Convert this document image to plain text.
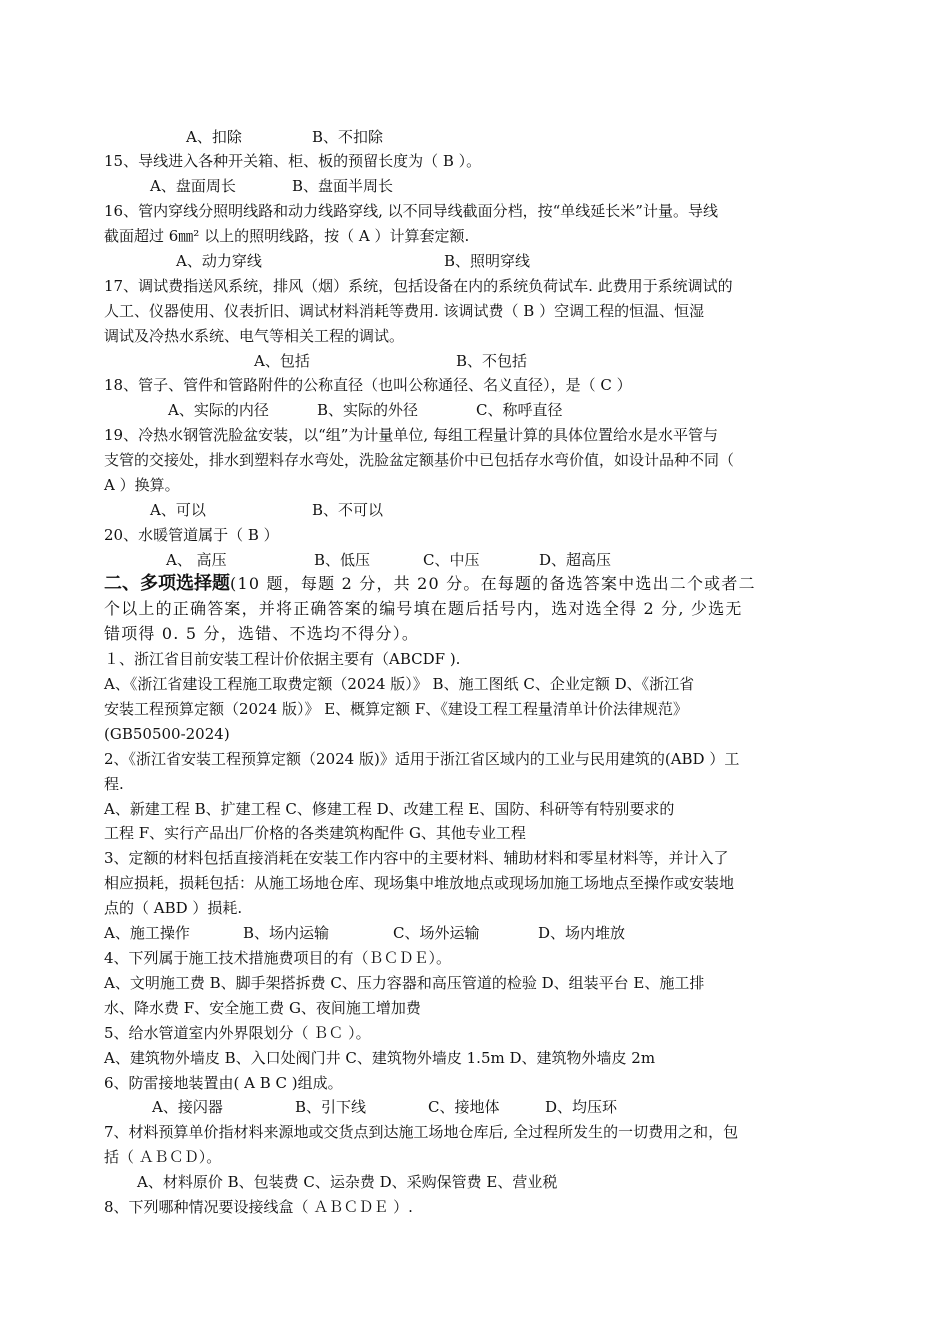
A、扣除	B、不扣除
15、导线进入各种开关箱、柜、板的预留长度为（ B ）。
A、盘面周长	B、盘面半周长
16、管内穿线分照明线路和动力线路穿线, 以不同导线截面分档，按“单线延长米”计量。导线
截面超过 6㎜² 以上的照明线路，按（ A ）计算套定额.
A、动力穿线	B、照明穿线
17、调试费指送风系统，排风（烟）系统，包括设备在内的系统负荷试车. 此费用于系统调试的
人工、仪器使用、仪表折旧、调试材料消耗等费用. 该调试费（ B ）空调工程的恒温、恒湿
调试及冷热水系统、电气等相关工程的调试。
A、包括	B、不包括
18、管子、管件和管路附件的公称直径（也叫公称通径、名义直径），是（ C ）
A、实际的内径	B、实际的外径	C、称呼直径
19、冷热水钢管洗脸盆安装，以“组”为计量单位, 每组工程量计算的具体位置给水是水平管与
支管的交接处，排水到塑料存水弯处，洗脸盆定额基价中已包括存水弯价值，如设计品种不同（
A ）换算。
A、可以	B、不可以
20、水暖管道属于（ B ）
A、 高压	B、低压	C、中压	D、超高压
二、多项选择题(10 题，每题 2 分，共 20 分。在每题的备选答案中选出二个或者二
个以上的正确答案，并将正确答案的编号填在题后括号内，选对选全得 2 分, 少选无
错项得 0. 5 分，选错、不选均不得分）。
１、浙江省目前安装工程计价依据主要有（ABCDF ).
A、《浙江省建设工程施工取费定额（2024 版）》 B、施工图纸 C、企业定额 D、《浙江省
安装工程预算定额（2024 版）》 E、概算定额 F、《建设工程工程量清单计价法律规范》
(GB50500-2024)
2、《浙江省安装工程预算定额（2024 版)》适用于浙江省区域内的工业与民用建筑的(ABD ）工
程.
A、新建工程 B、扩建工程 C、修建工程 D、改建工程 E、国防、科研等有特别要求的
工程 F、实行产品出厂价格的各类建筑构配件 G、其他专业工程
3、定额的材料包括直接消耗在安装工作内容中的主要材料、辅助材料和零星材料等，并计入了
相应损耗，损耗包括：从施工场地仓库、现场集中堆放地点或现场加施工场地点至操作或安装地
点的（ ABD ）损耗.
A、施工操作	B、场内运输	C、场外运输	D、场内堆放
4、下列属于施工技术措施费项目的有（ＢＣＤＥ）。
A、文明施工费 B、脚手架搭拆费 C、压力容器和高压管道的检验 D、组装平台 E、施工排
水、降水费 F、安全施工费 G、夜间施工增加费
5、给水管道室内外界限划分（ ＢＣ ）。
A、建筑物外墙皮 B、入口处阀门井 C、建筑物外墙皮 1.5m D、建筑物外墙皮 2m
6、防雷接地装置由( A B C )组成。
A、接闪器	B、引下线	C、接地体	D、均压环
7、材料预算单价指材料来源地或交货点到达施工场地仓库后, 全过程所发生的一切费用之和，包
括（ ＡＢＣＤ）。
A、材料原价 B、包装费 C、运杂费 D、采购保管费 E、营业税
8、下列哪种情况要设接线盒（ ＡＢＣＤＥ ）.
